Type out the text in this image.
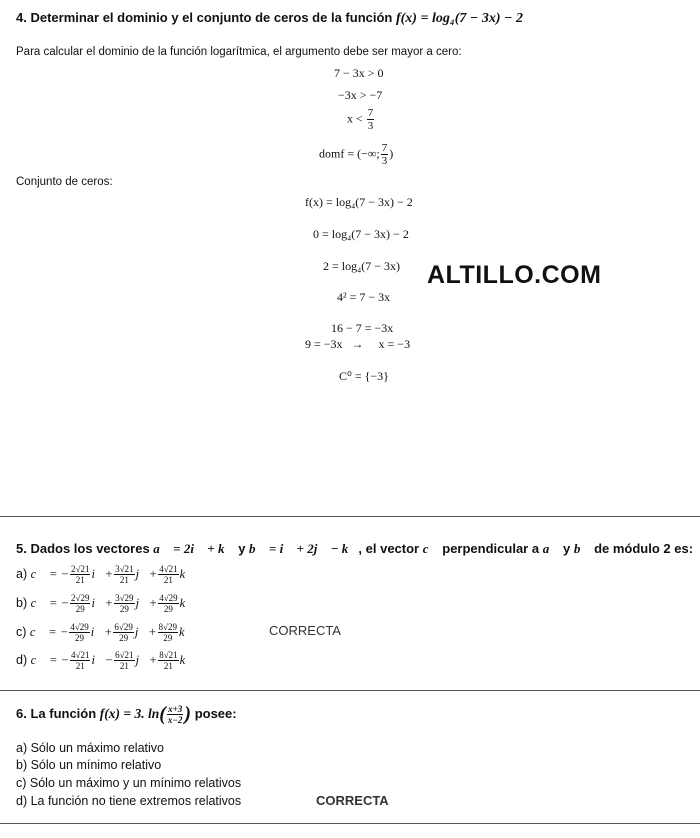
4. Determinar el dominio y el conjunto de ceros de la función f(x) = log₄(7 − 3x) − 2
Para calcular el dominio de la función logarítmica, el argumento debe ser mayor a cero:
7 − 3x > 0
−3x > −7
$x < \frac{7}{3}$
domf = (−∞; $\frac{7}{3}$ )
Conjunto de ceros:
f(x) = log₄(7 − 3x) − 2
0 = log₄(7 − 3x) − 2
2 = log₄(7 − 3x)
4² = 7 − 3x
16 − 7 = −3x
9 = −3x   →     x = −3
C⁰ = {−3}
ALTILLO.COM
5. Dados los vectores a⃗ = 2i⃗ + k⃗ y b⃗ = i⃗ + 2j⃗ − k⃗, el vector c⃗ perpendicular a a⃗ y b⃗ de módulo 2 es:
a) c⃗ = − $\frac{2√21}{21}$ i⃗+ $\frac{3√21}{21}$ j⃗+ $\frac{4√21}{21}$ k⃗
b) c⃗ = − $\frac{2√29}{29}$ i⃗+ $\frac{3√29}{29}$ j⃗+ $\frac{4√29}{29}$ k⃗
c) c⃗ = − $\frac{4√29}{29}$ i⃗+ $\frac{6√29}{29}$ j⃗+ $\frac{8√29}{29}$ k⃗
d) c⃗ = − $\frac{4√21}{21}$ i⃗− $\frac{6√21}{21}$ j⃗+ $\frac{8√21}{21}$ k⃗
CORRECTA
6. La función f(x) = 3. $\ln( \frac{x+3}{x-2}$ ) posee:
a) Sólo un máximo relativo
b) Sólo un mínimo relativo
c) Sólo un máximo y un mínimo relativos
d) La función no tiene extremos relativos	CORRECTA
